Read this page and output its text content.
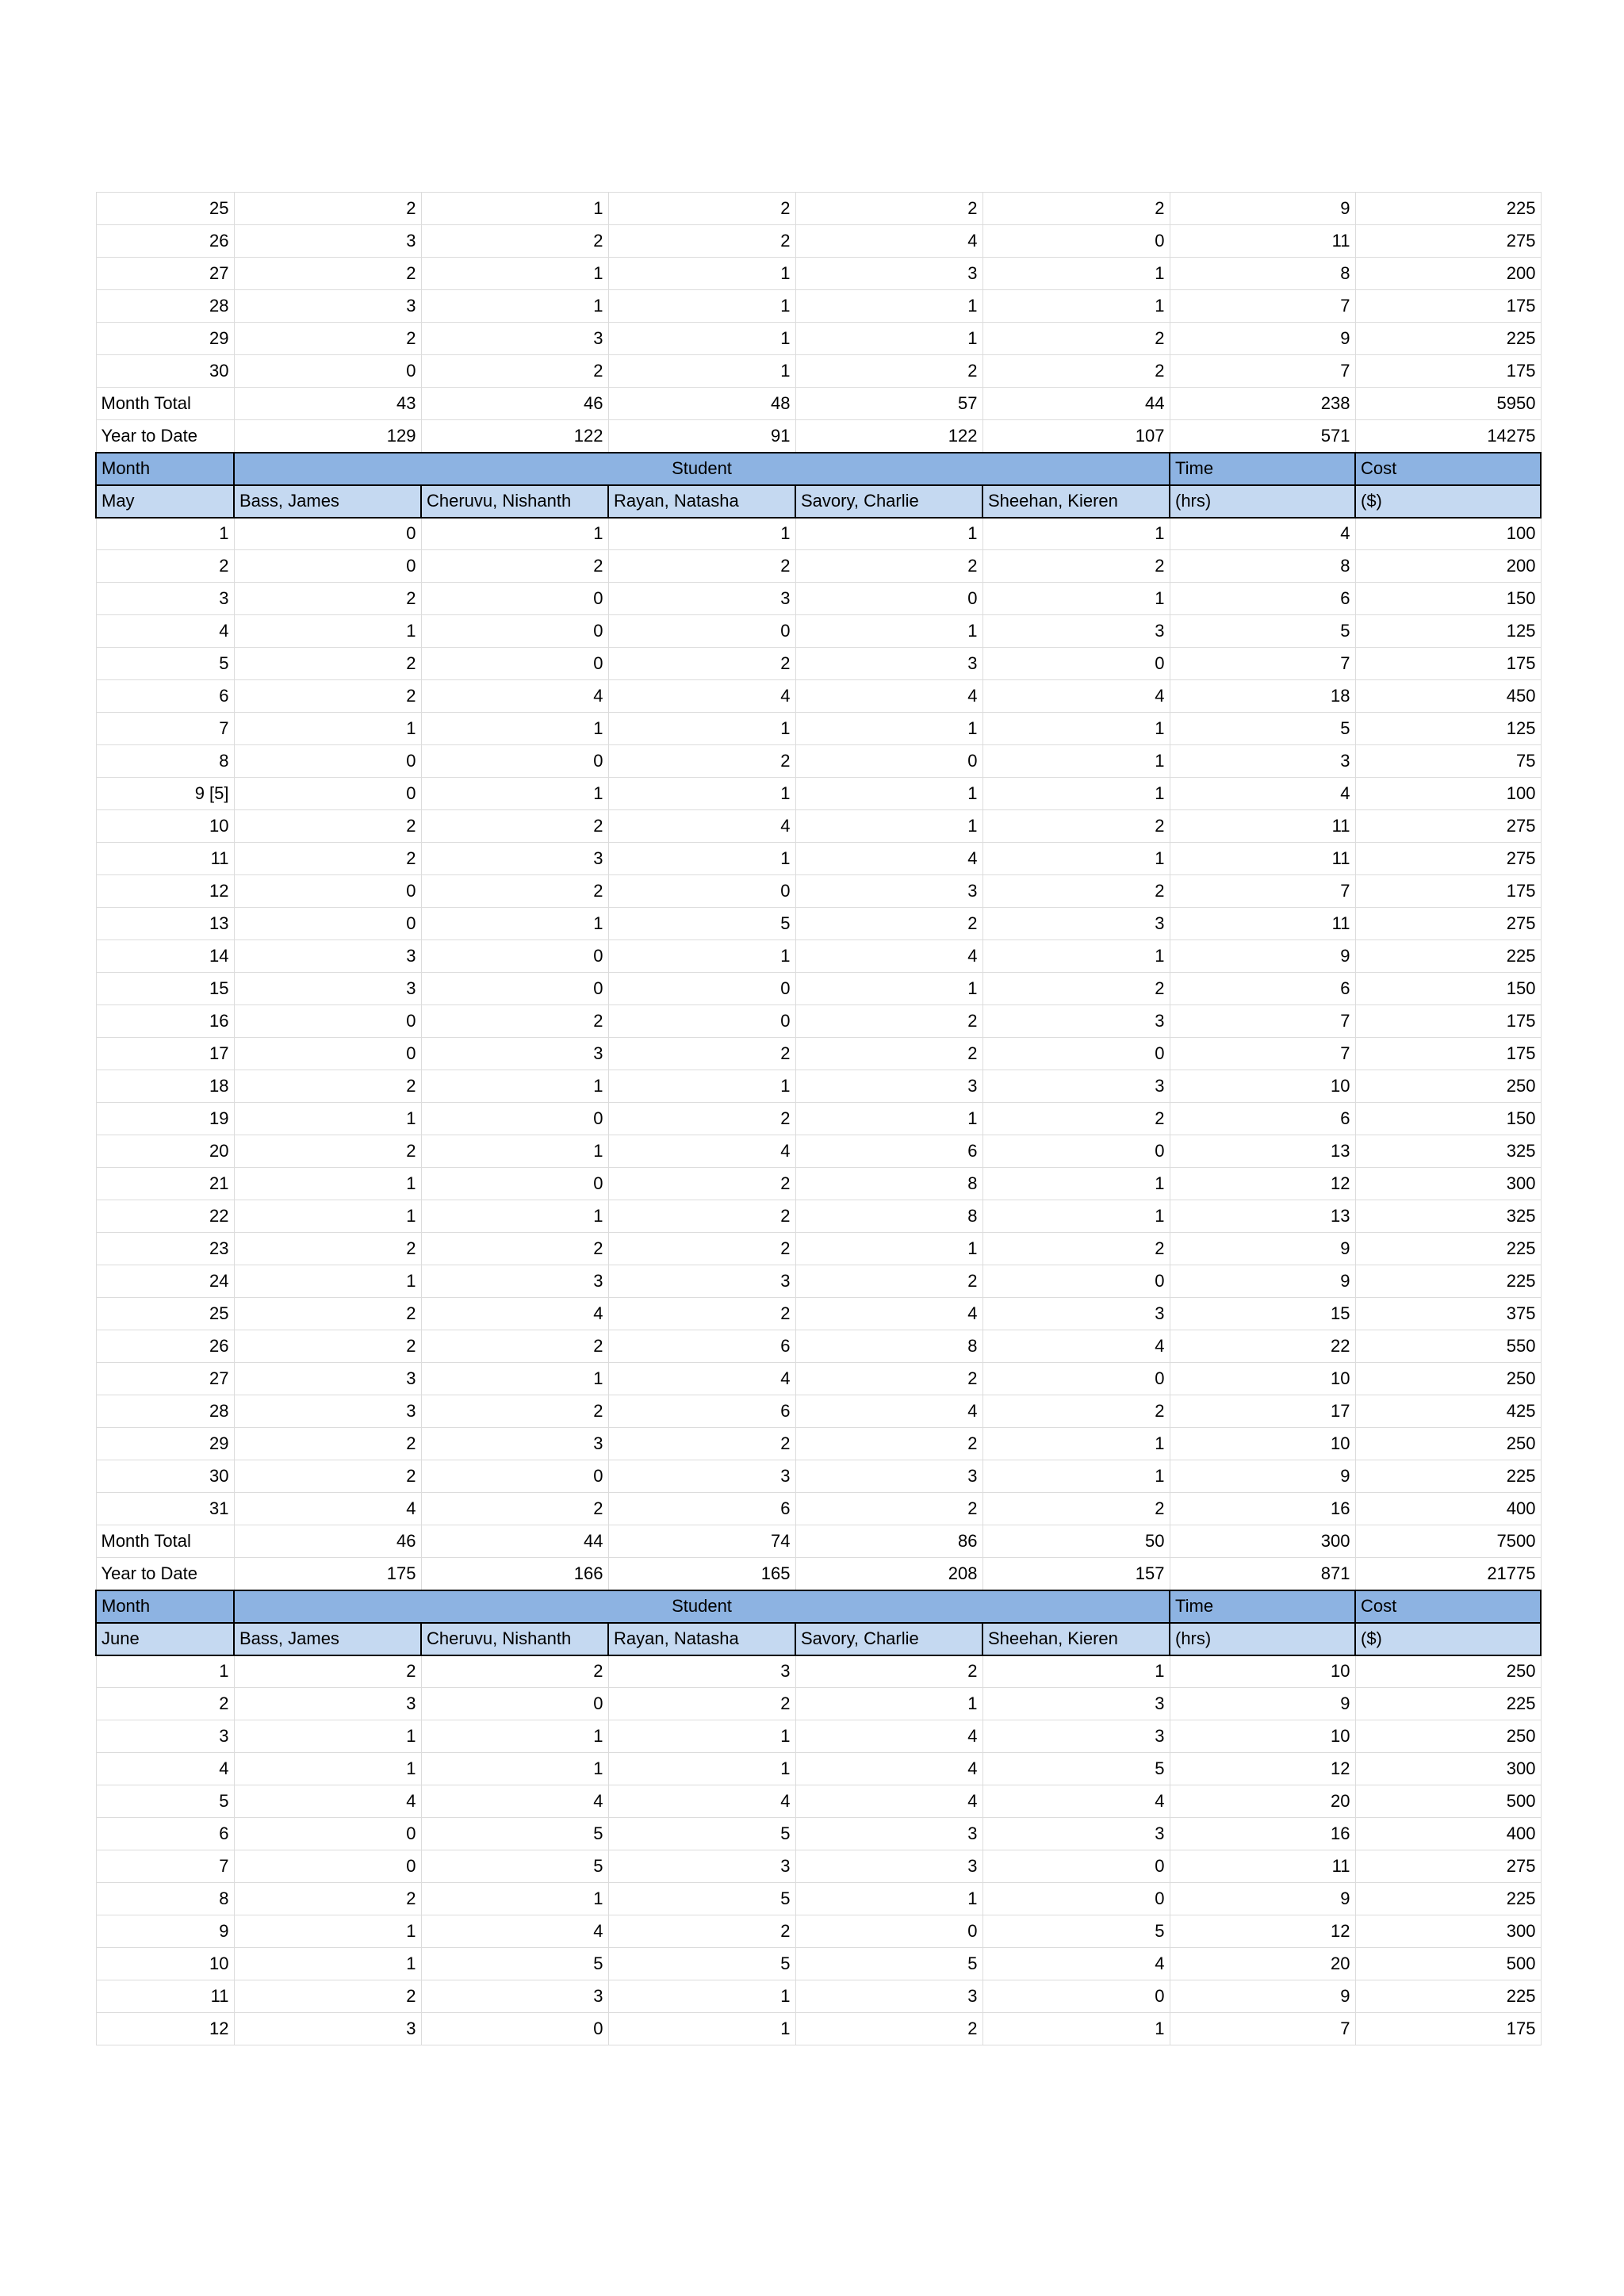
25	2	1	2	2	2	9	225
26	3	2	2	4	0	11	275
27	2	1	1	3	1	8	200
28	3	1	1	1	1	7	175
29	2	3	1	1	2	9	225
30	0	2	1	2	2	7	175
Month Total	43	46	48	57	44	238	5950
Year to Date	129	122	91	122	107	571	14275
Month	Student					Time	Cost
May	Bass, James	Cheruvu, Nishanth	Rayan, Natasha	Savory, Charlie	Sheehan, Kieren	(hrs)	($)
1	0	1	1	1	1	4	100
2	0	2	2	2	2	8	200
3	2	0	3	0	1	6	150
4	1	0	0	1	3	5	125
5	2	0	2	3	0	7	175
6	2	4	4	4	4	18	450
7	1	1	1	1	1	5	125
8	0	0	2	0	1	3	75
9 [5]	0	1	1	1	1	4	100
10	2	2	4	1	2	11	275
11	2	3	1	4	1	11	275
12	0	2	0	3	2	7	175
13	0	1	5	2	3	11	275
14	3	0	1	4	1	9	225
15	3	0	0	1	2	6	150
16	0	2	0	2	3	7	175
17	0	3	2	2	0	7	175
18	2	1	1	3	3	10	250
19	1	0	2	1	2	6	150
20	2	1	4	6	0	13	325
21	1	0	2	8	1	12	300
22	1	1	2	8	1	13	325
23	2	2	2	1	2	9	225
24	1	3	3	2	0	9	225
25	2	4	2	4	3	15	375
26	2	2	6	8	4	22	550
27	3	1	4	2	0	10	250
28	3	2	6	4	2	17	425
29	2	3	2	2	1	10	250
30	2	0	3	3	1	9	225
31	4	2	6	2	2	16	400
Month Total	46	44	74	86	50	300	7500
Year to Date	175	166	165	208	157	871	21775
Month	Student					Time	Cost
June	Bass, James	Cheruvu, Nishanth	Rayan, Natasha	Savory, Charlie	Sheehan, Kieren	(hrs)	($)
1	2	2	3	2	1	10	250
2	3	0	2	1	3	9	225
3	1	1	1	4	3	10	250
4	1	1	1	4	5	12	300
5	4	4	4	4	4	20	500
6	0	5	5	3	3	16	400
7	0	5	3	3	0	11	275
8	2	1	5	1	0	9	225
9	1	4	2	0	5	12	300
10	1	5	5	5	4	20	500
11	2	3	1	3	0	9	225
12	3	0	1	2	1	7	175
